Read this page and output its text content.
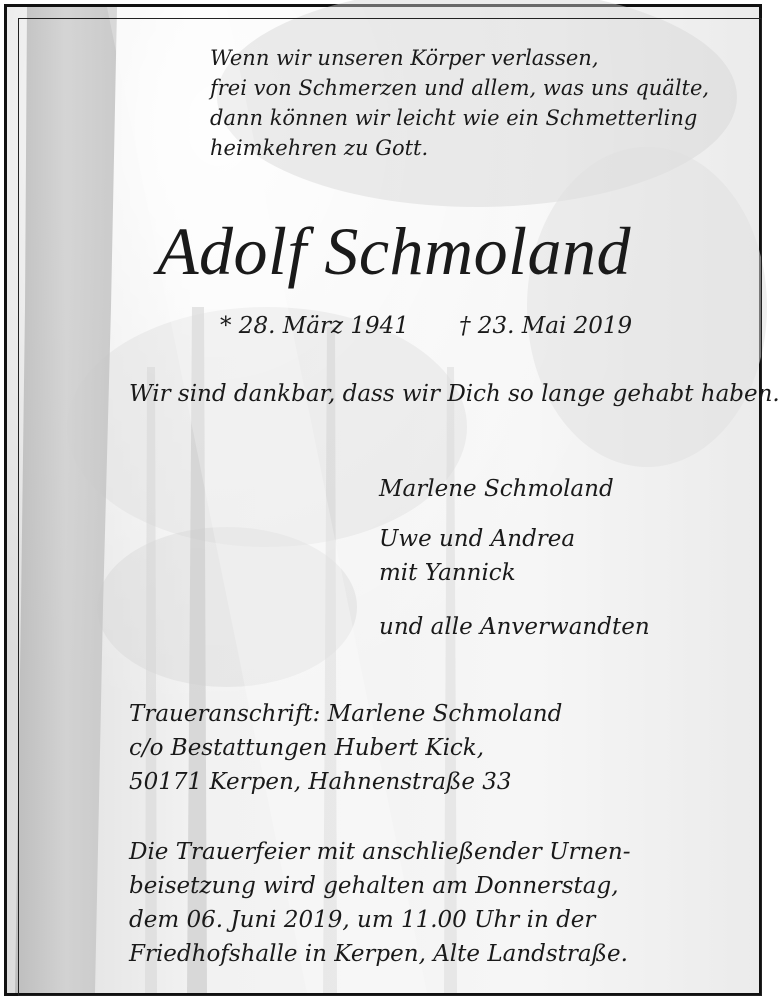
Wenn wir unseren Körper verlassen,
frei von Schmerzen und allem, was uns quälte,
dann können wir leicht wie ein Schmetterling
heimkehren zu Gott.
Adolf Schmoland
* 28. März 1941 † 23. Mai 2019
Wir sind dankbar, dass wir Dich so lange gehabt haben.
Marlene Schmoland
Uwe und Andrea
mit Yannick
und alle Anverwandten
Traueranschrift: Marlene Schmoland
c/o Bestattungen Hubert Kick,
50171 Kerpen, Hahnenstraße 33
Die Trauerfeier mit anschließender Urnen-
beisetzung wird gehalten am Donnerstag,
dem 06. Juni 2019, um 11.00 Uhr in der
Friedhofshalle in Kerpen, Alte Landstraße.
